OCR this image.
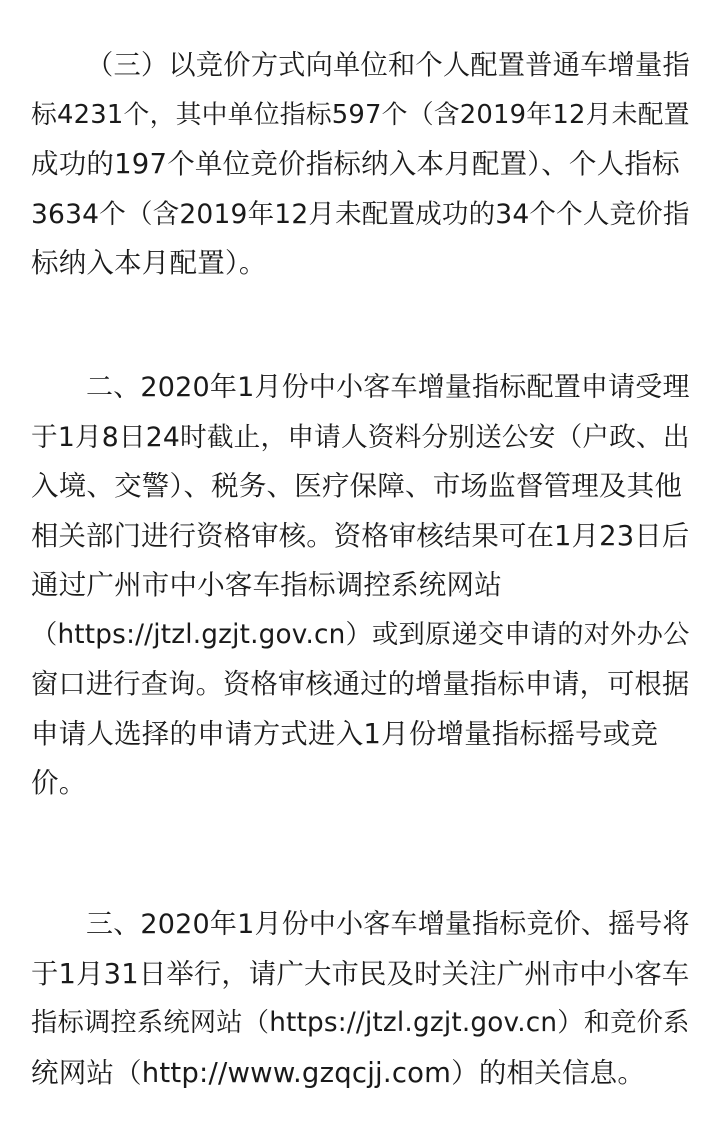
（三）以竞价方式向单位和个人配置普通车增量指
标4231个，其中单位指标597个（含2019年12月未配置
成功的197个单位竞价指标纳入本月配置）、个人指标
3634个（含2019年12月未配置成功的34个个人竞价指
标纳入本月配置）。

二、2020年1月份中小客车增量指标配置申请受理
于1月8日24时截止，申请人资料分别送公安（户政、出
入境、交警）、税务、医疗保障、市场监督管理及其他
相关部门进行资格审核。资格审核结果可在1月23日后
通过广州市中小客车指标调控系统网站
（https://jtzl.gzjt.gov.cn）或到原递交申请的对外办公
窗口进行查询。资格审核通过的增量指标申请，可根据
申请人选择的申请方式进入1月份增量指标摇号或竞
价。

三、2020年1月份中小客车增量指标竞价、摇号将
于1月31日举行，请广大市民及时关注广州市中小客车
指标调控系统网站（https://jtzl.gzjt.gov.cn）和竞价系
统网站（http://www.gzqcjj.com）的相关信息。
